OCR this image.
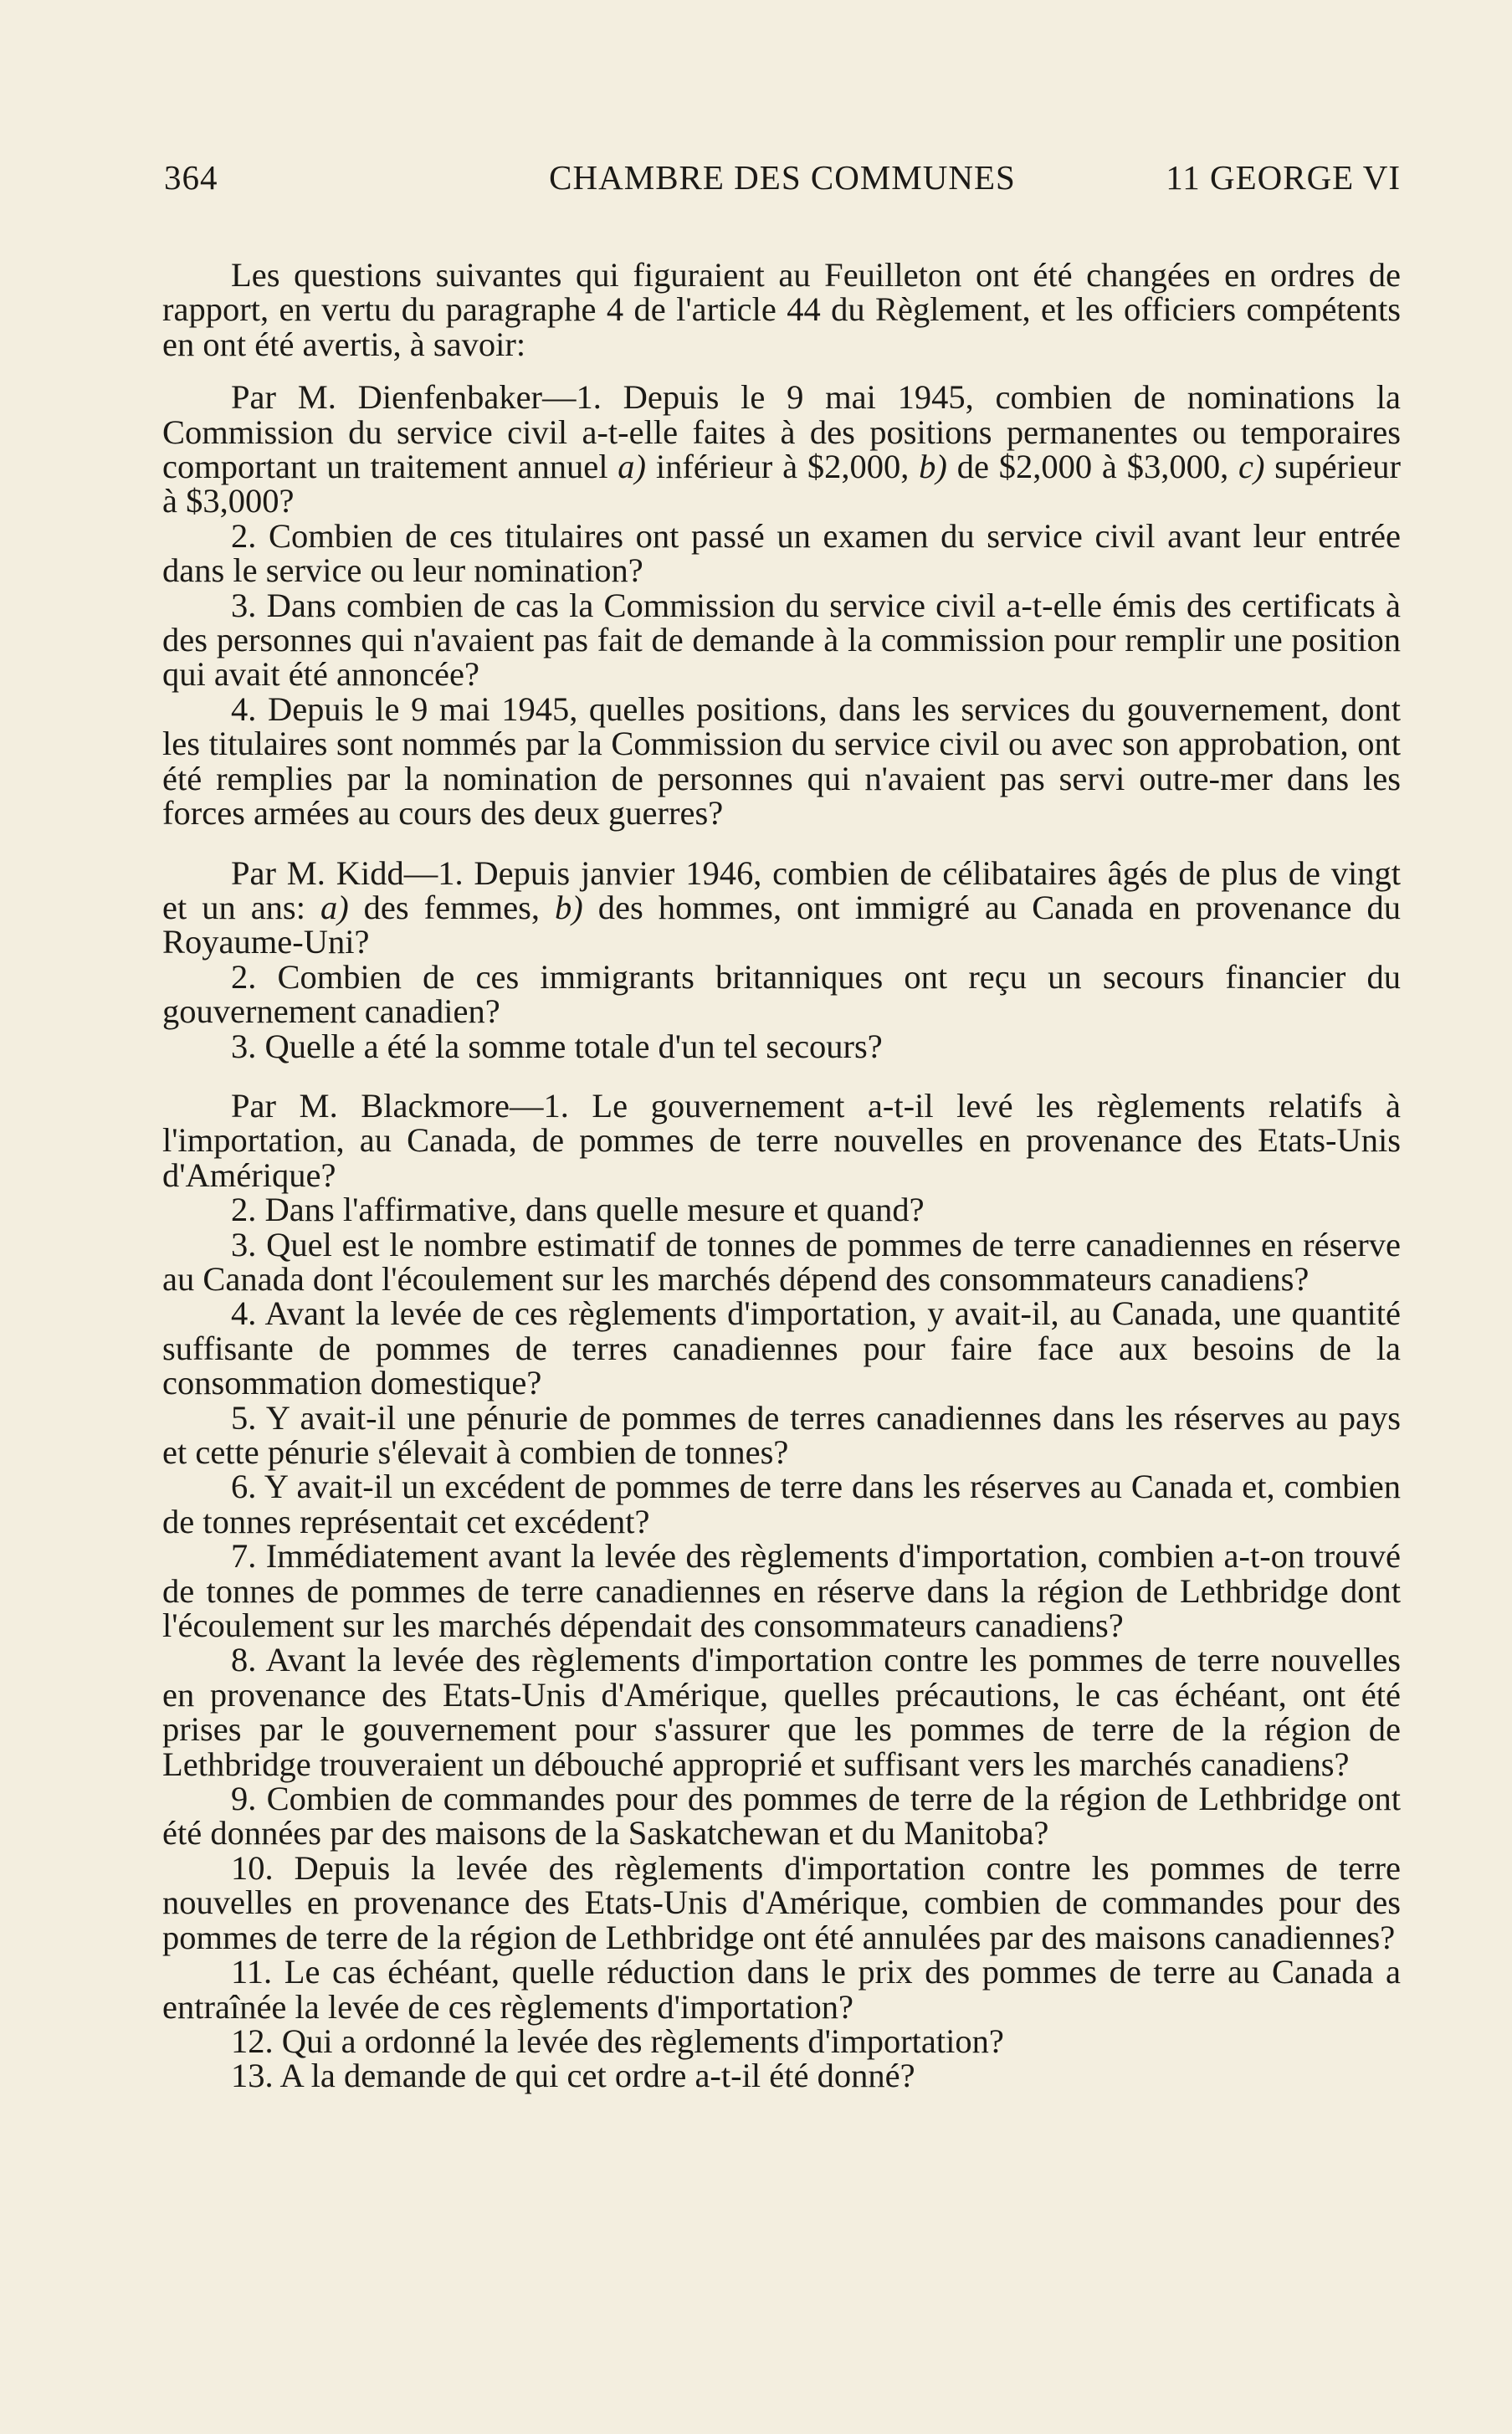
CHAMBRE DES COMMUNES
364	11 GEORGE VI

Les questions suivantes qui figuraient au Feuilleton ont été changées en ordres de rapport, en vertu du paragraphe 4 de l'article 44 du Règlement, et les officiers compétents en ont été avertis, à savoir:

Par M. Dienfenbaker—1. Depuis le 9 mai 1945, combien de nominations la Commission du service civil a-t-elle faites à des positions permanentes ou temporaires comportant un traitement annuel a) inférieur à $2,000, b) de $2,000 à $3,000, c) supérieur à $3,000?

2. Combien de ces titulaires ont passé un examen du service civil avant leur entrée dans le service ou leur nomination?

3. Dans combien de cas la Commission du service civil a-t-elle émis des certificats à des personnes qui n'avaient pas fait de demande à la commission pour remplir une position qui avait été annoncée?

4. Depuis le 9 mai 1945, quelles positions, dans les services du gouvernement, dont les titulaires sont nommés par la Commission du service civil ou avec son approbation, ont été remplies par la nomination de personnes qui n'avaient pas servi outre-mer dans les forces armées au cours des deux guerres?

Par M. Kidd—1. Depuis janvier 1946, combien de célibataires âgés de plus de vingt et un ans: a) des femmes, b) des hommes, ont immigré au Canada en provenance du Royaume-Uni?

2. Combien de ces immigrants britanniques ont reçu un secours financier du gouvernement canadien?

3. Quelle a été la somme totale d'un tel secours?

Par M. Blackmore—1. Le gouvernement a-t-il levé les règlements relatifs à l'importation, au Canada, de pommes de terre nouvelles en provenance des Etats-Unis d'Amérique?

2. Dans l'affirmative, dans quelle mesure et quand?

3. Quel est le nombre estimatif de tonnes de pommes de terre canadiennes en réserve au Canada dont l'écoulement sur les marchés dépend des consommateurs canadiens?

4. Avant la levée de ces règlements d'importation, y avait-il, au Canada, une quantité suffisante de pommes de terres canadiennes pour faire face aux besoins de la consommation domestique?

5. Y avait-il une pénurie de pommes de terres canadiennes dans les réserves au pays et cette pénurie s'élevait à combien de tonnes?

6. Y avait-il un excédent de pommes de terre dans les réserves au Canada et, combien de tonnes représentait cet excédent?

7. Immédiatement avant la levée des règlements d'importation, combien a-t-on trouvé de tonnes de pommes de terre canadiennes en réserve dans la région de Lethbridge dont l'écoulement sur les marchés dépendait des consommateurs canadiens?

8. Avant la levée des règlements d'importation contre les pommes de terre nouvelles en provenance des Etats-Unis d'Amérique, quelles précautions, le cas échéant, ont été prises par le gouvernement pour s'assurer que les pommes de terre de la région de Lethbridge trouveraient un débouché approprié et suffisant vers les marchés canadiens?

9. Combien de commandes pour des pommes de terre de la région de Lethbridge ont été données par des maisons de la Saskatchewan et du Manitoba?

10. Depuis la levée des règlements d'importation contre les pommes de terre nouvelles en provenance des Etats-Unis d'Amérique, combien de commandes pour des pommes de terre de la région de Lethbridge ont été annulées par des maisons canadiennes?

11. Le cas échéant, quelle réduction dans le prix des pommes de terre au Canada a entraînée la levée de ces règlements d'importation?

12. Qui a ordonné la levée des règlements d'importation?

13. A la demande de qui cet ordre a-t-il été donné?
